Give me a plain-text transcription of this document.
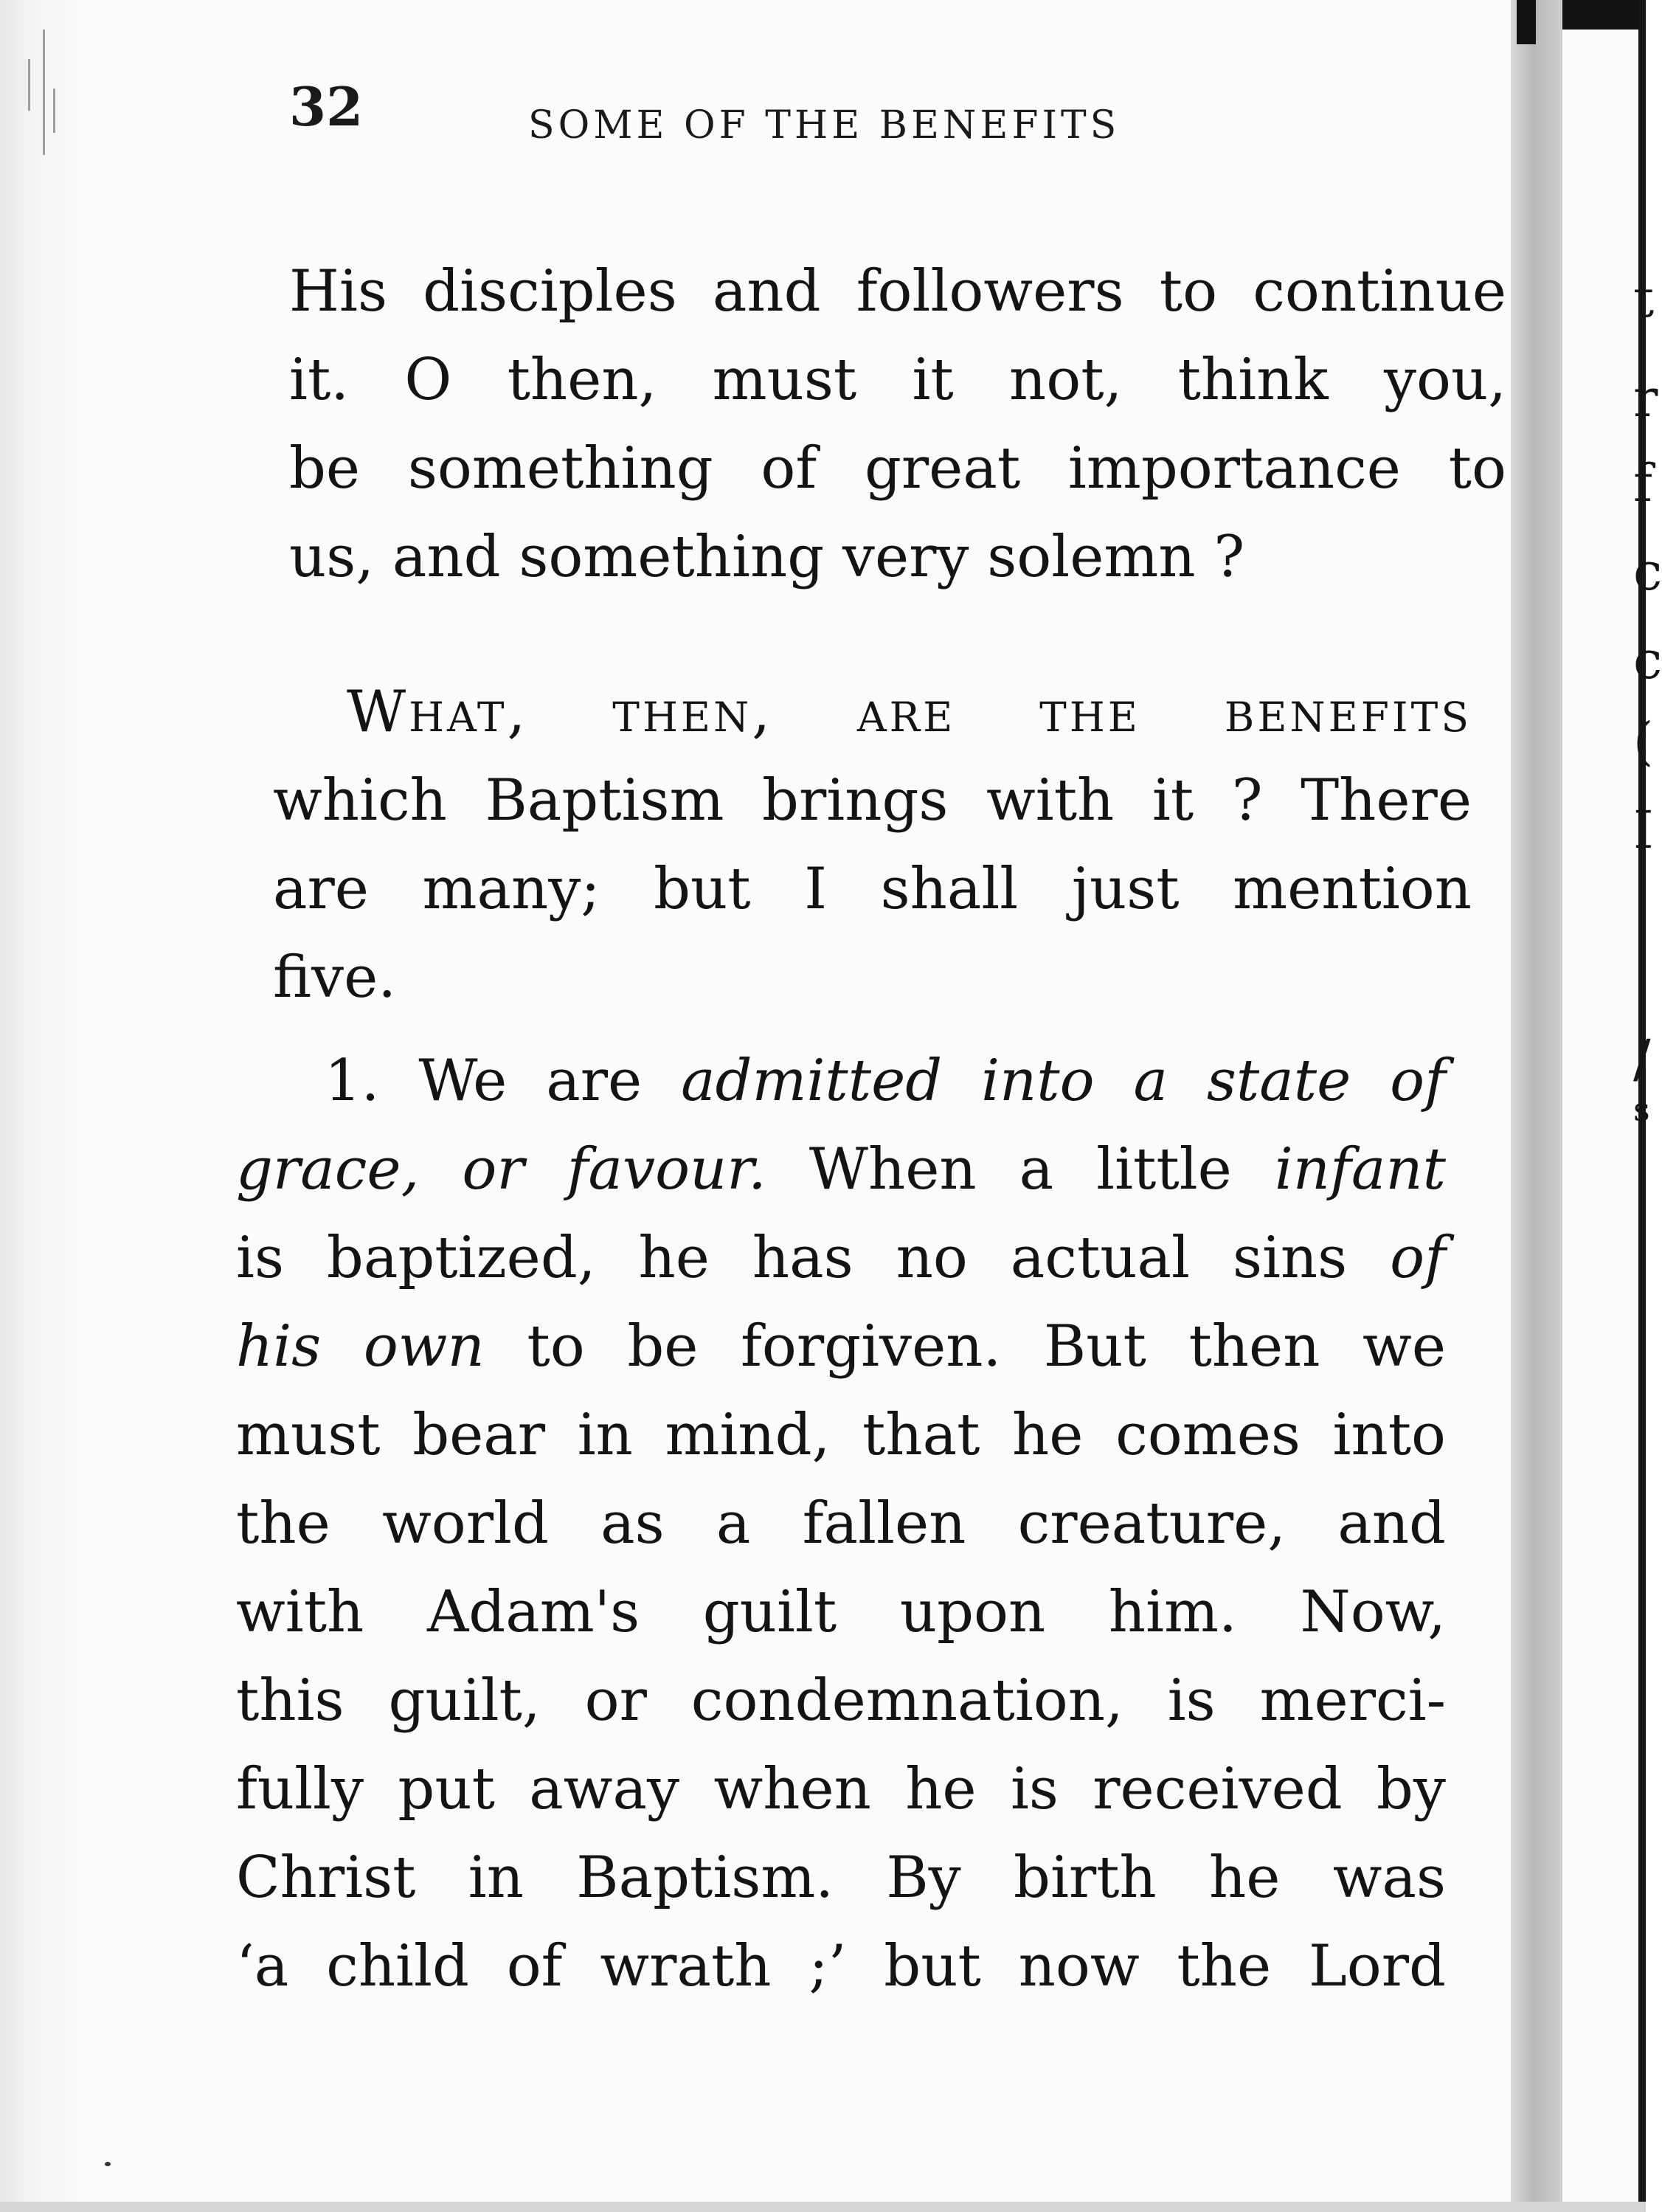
t
r
f
c
c
(
I
/
s
32	SOME OF THE BENEFITS
His disciples and followers to continue
it. O then, must it not, think you,
be something of great importance to
us, and something very solemn ?
What, then, are the benefits
which Baptism brings with it ? There
are many; but I shall just mention
five.
1. We are admitted into a state of
grace, or favour. When a little infant
is baptized, he has no actual sins of
his own to be forgiven. But then we
must bear in mind, that he comes into
the world as a fallen creature, and
with Adam's guilt upon him. Now,
this guilt, or condemnation, is merci-
fully put away when he is received by
Christ in Baptism. By birth he was
‘a child of wrath ;’ but now the Lord
